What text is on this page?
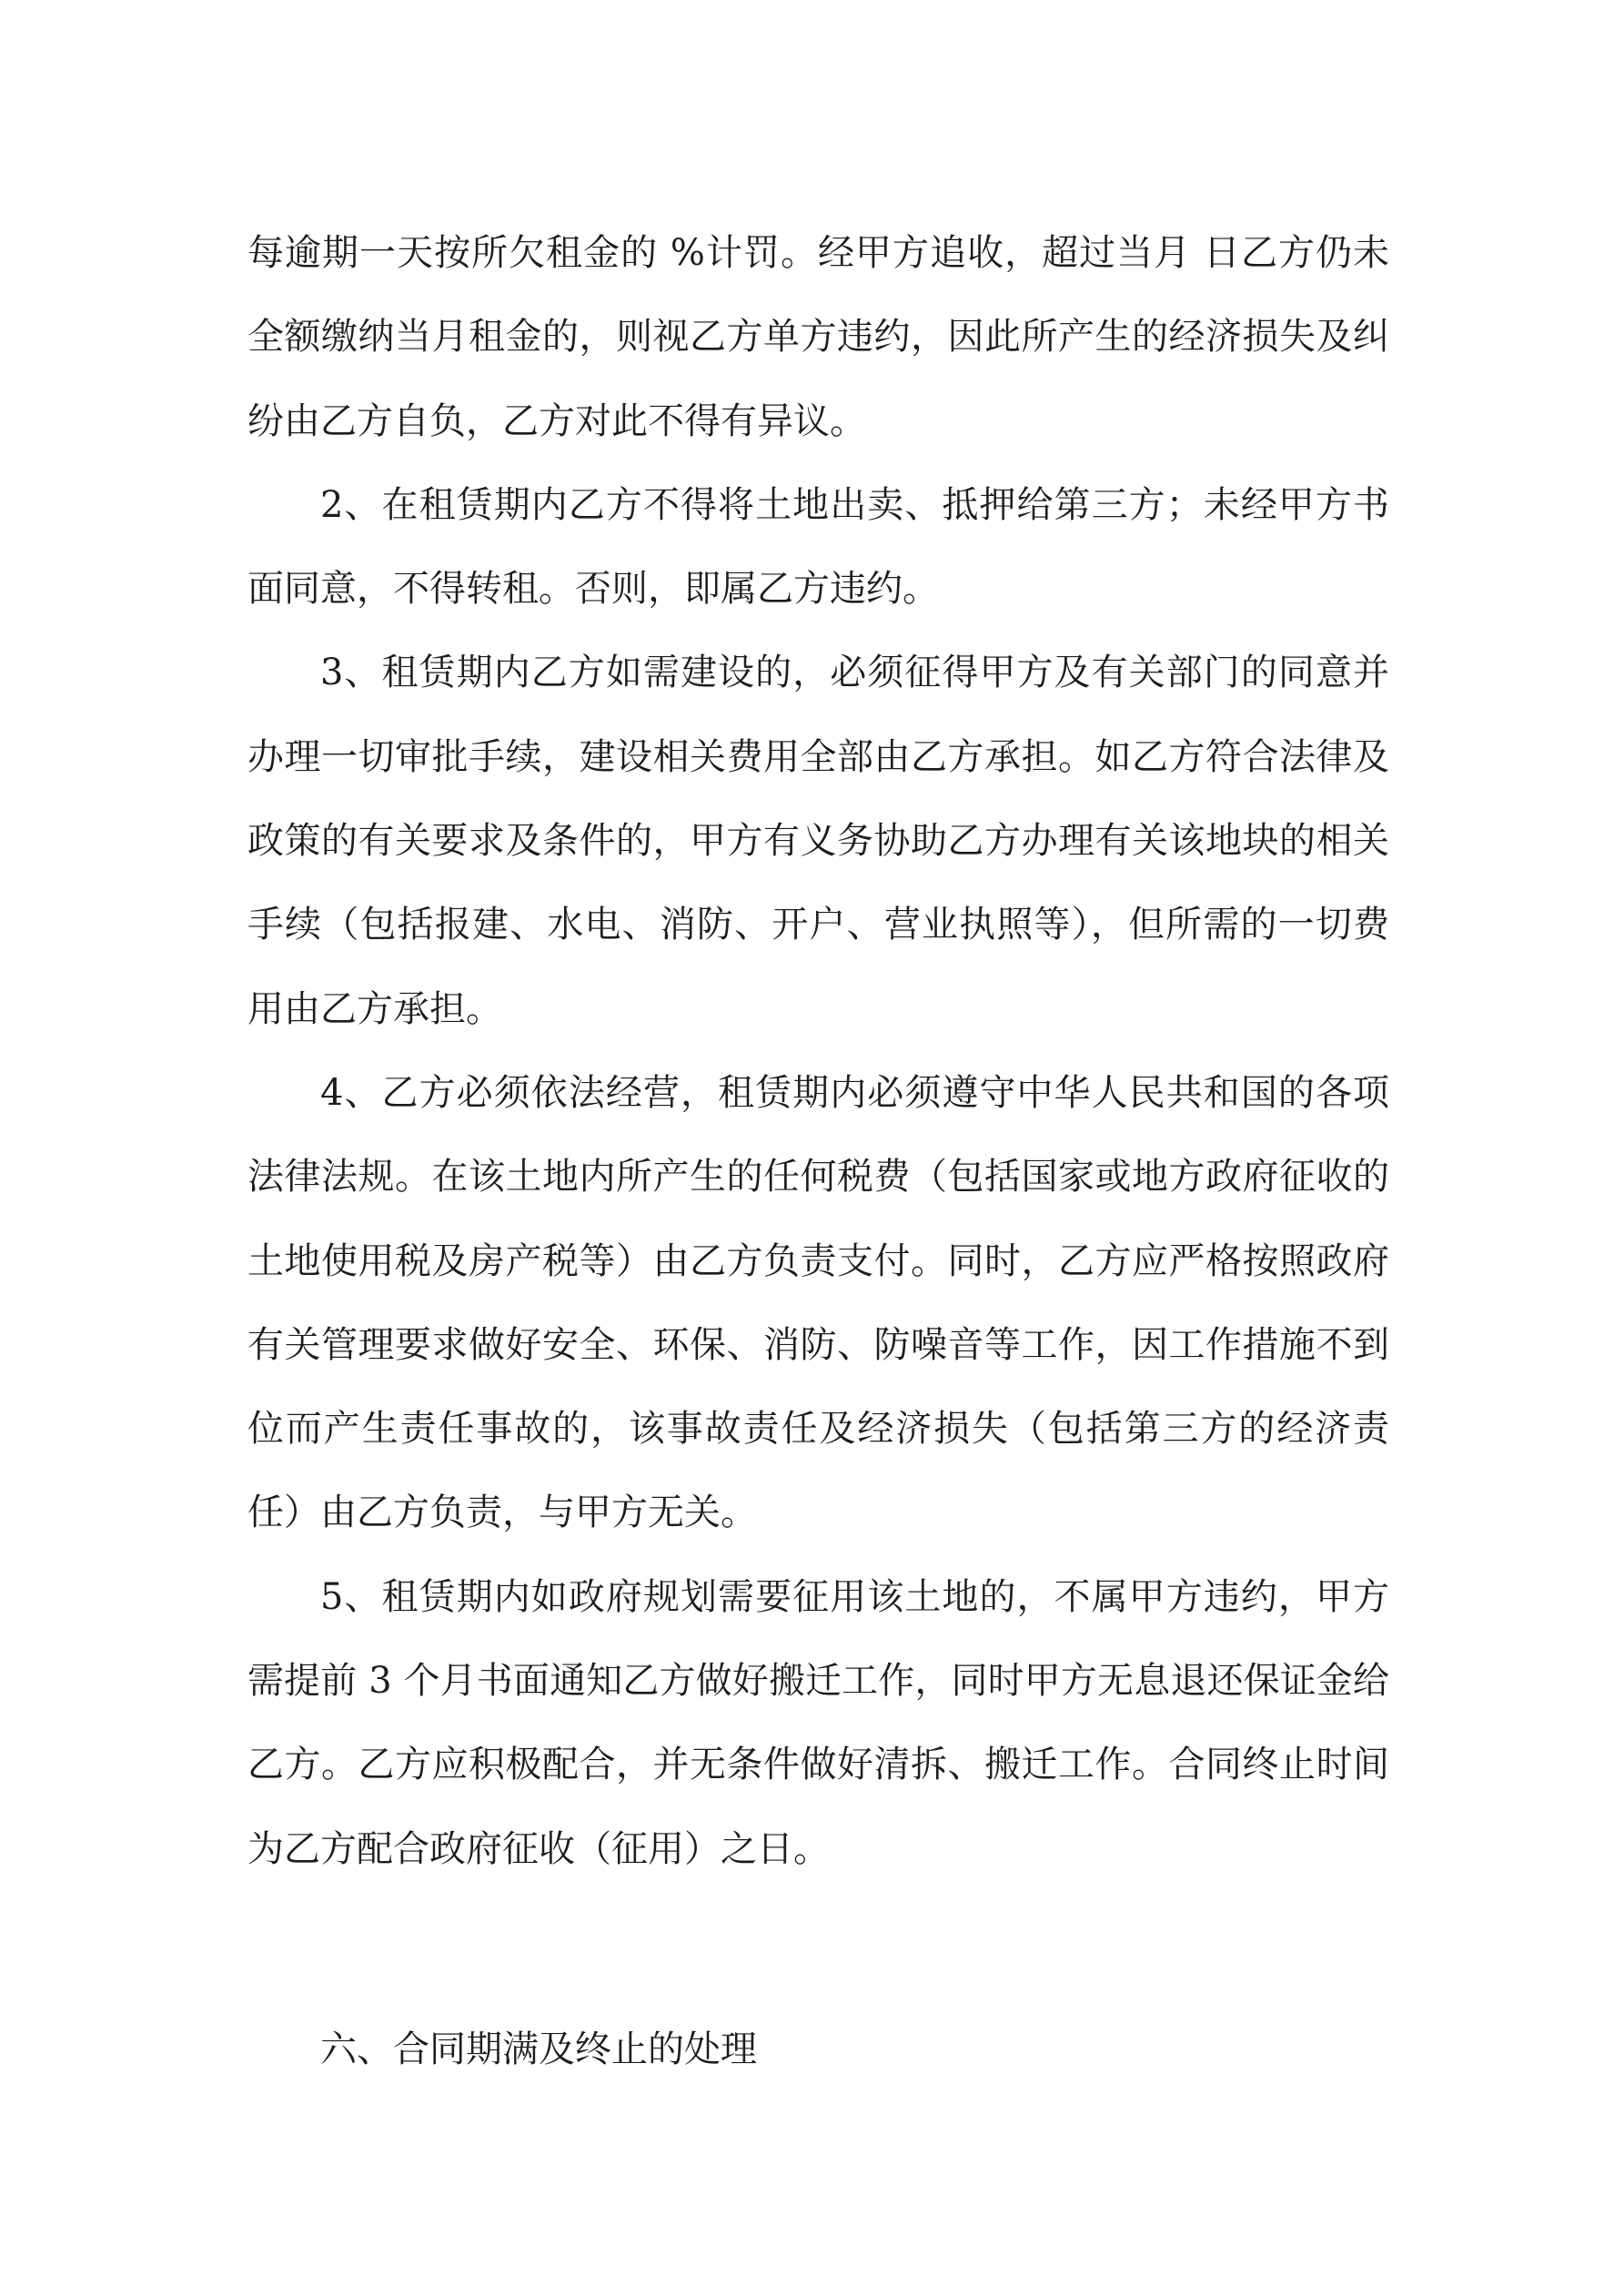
每逾期一天按所欠租金的 %计罚。经甲方追收，超过当月 日乙方仍未全额缴纳当月租金的，则视乙方单方违约，因此所产生的经济损失及纠纷由乙方自负，乙方对此不得有异议。

2、在租赁期内乙方不得将土地出卖、抵押给第三方；未经甲方书面同意，不得转租。否则，即属乙方违约。

3、租赁期内乙方如需建设的，必须征得甲方及有关部门的同意并办理一切审批手续，建设相关费用全部由乙方承担。如乙方符合法律及政策的有关要求及条件的，甲方有义务协助乙方办理有关该地块的相关手续（包括报建、水电、消防、开户、营业执照等），但所需的一切费用由乙方承担。

4、乙方必须依法经营，租赁期内必须遵守中华人民共和国的各项法律法规。在该土地内所产生的任何税费（包括国家或地方政府征收的土地使用税及房产税等）由乙方负责支付。同时，乙方应严格按照政府有关管理要求做好安全、环保、消防、防噪音等工作，因工作措施不到位而产生责任事故的，该事故责任及经济损失（包括第三方的经济责任）由乙方负责，与甲方无关。

5、租赁期内如政府规划需要征用该土地的，不属甲方违约，甲方需提前 3 个月书面通知乙方做好搬迁工作，同时甲方无息退还保证金给乙方。乙方应积极配合，并无条件做好清拆、搬迁工作。合同终止时间为乙方配合政府征收（征用）之日。

六、合同期满及终止的处理
